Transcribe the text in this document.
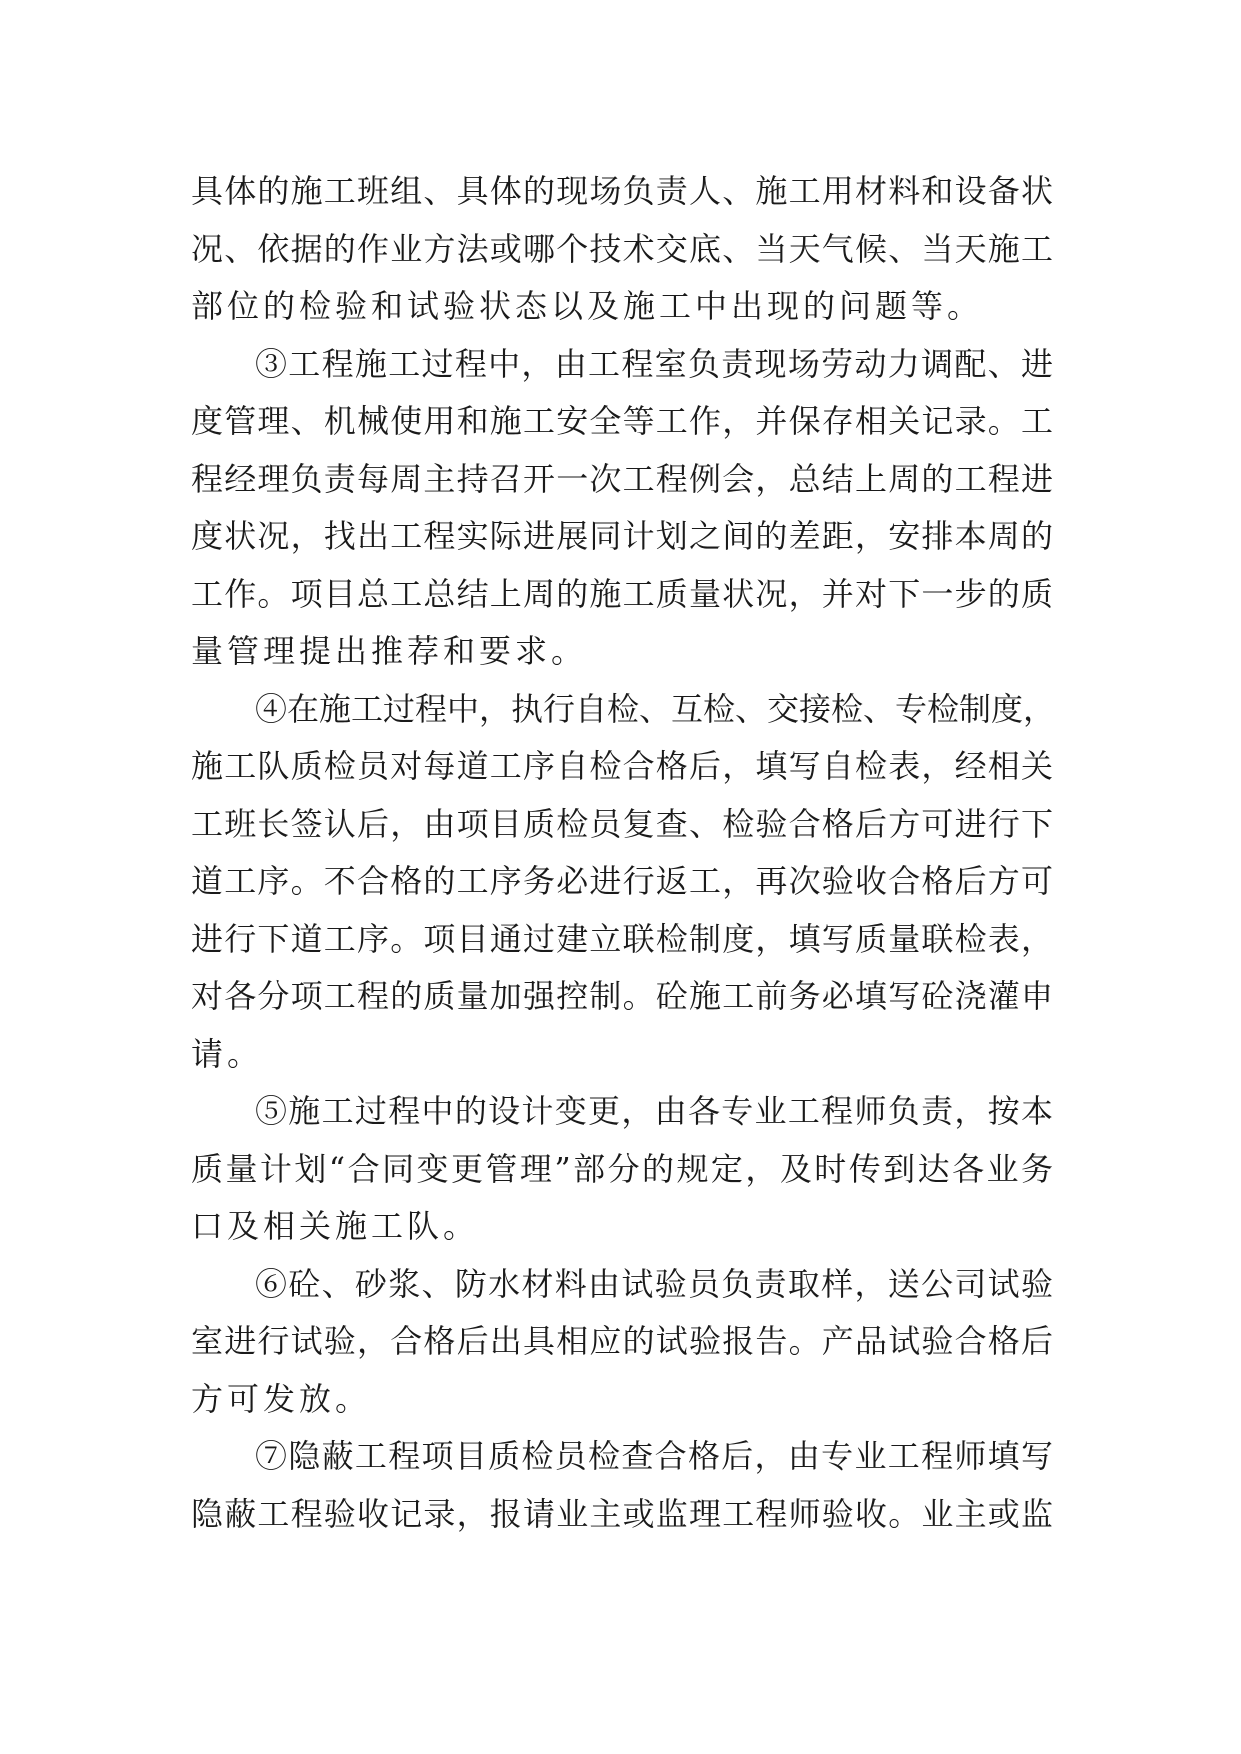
具体的施工班组、具体的现场负责人、施工用材料和设备状
况、依据的作业方法或哪个技术交底、当天气候、当天施工
部位的检验和试验状态以及施工中出现的问题等。
③工程施工过程中，由工程室负责现场劳动力调配、进
度管理、机械使用和施工安全等工作，并保存相关记录。工
程经理负责每周主持召开一次工程例会，总结上周的工程进
度状况，找出工程实际进展同计划之间的差距，安排本周的
工作。项目总工总结上周的施工质量状况，并对下一步的质
量管理提出推荐和要求。
④在施工过程中，执行自检、互检、交接检、专检制度，
施工队质检员对每道工序自检合格后，填写自检表，经相关
工班长签认后，由项目质检员复查、检验合格后方可进行下
道工序。不合格的工序务必进行返工，再次验收合格后方可
进行下道工序。项目通过建立联检制度，填写质量联检表，
对各分项工程的质量加强控制。砼施工前务必填写砼浇灌申
请。
⑤施工过程中的设计变更，由各专业工程师负责，按本
质量计划“合同变更管理”部分的规定，及时传到达各业务
口及相关施工队。
⑥砼、砂浆、防水材料由试验员负责取样，送公司试验
室进行试验，合格后出具相应的试验报告。产品试验合格后
方可发放。
⑦隐蔽工程项目质检员检查合格后，由专业工程师填写
隐蔽工程验收记录，报请业主或监理工程师验收。业主或监
